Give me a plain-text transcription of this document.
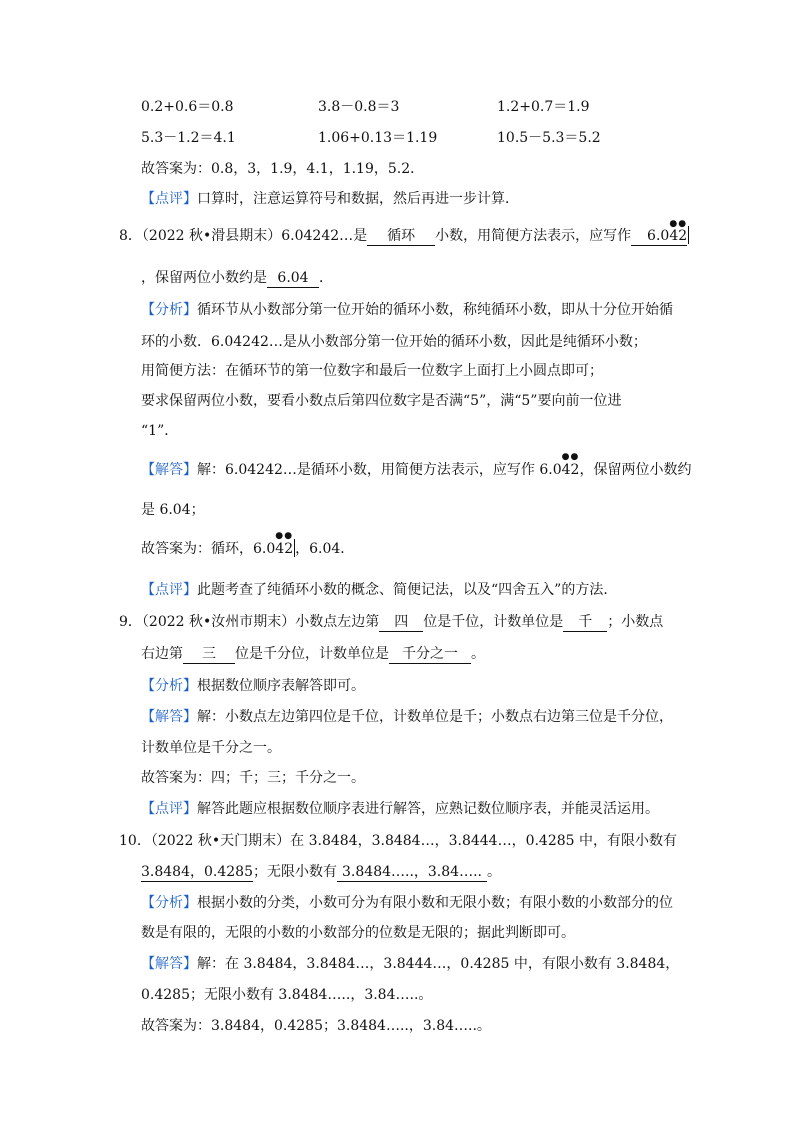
0.2+0.6＝0.8	3.8－0.8＝3	1.2+0.7＝1.9
5.3－1.2＝4.1	1.06+0.13＝1.19	10.5－5.3＝5.2
故答案为：0.8，3，1.9，4.1，1.19，5.2．
【点评】口算时，注意运算符号和数据，然后再进一步计算．
8．（2022 秋•滑县期末）6.04242…是 循环 小数，用简便方法表示，应写作 6.0
●
4
●
2
，保留两位小数约是 6.04 ．
【分析】循环节从小数部分第一位开始的循环小数，称纯循环小数，即从十分位开始循
环的小数．6.04242…是从小数部分第一位开始的循环小数，因此是纯循环小数；
用简便方法：在循环节的第一位数字和最后一位数字上面打上小圆点即可；
要求保留两位小数，要看小数点后第四位数字是否满“5”，满“5”要向前一位进
“1”．
【解答】解：6.04242…是循环小数，用简便方法表示，应写作 6.0
●
4
●
2，保留两位小数约
是 6.04；
故答案为：循环，6.0
●
4
●
2 ，6.04．
【点评】此题考查了纯循环小数的概念、简便记法，以及“四舍五入”的方法．
9．（2022 秋•汝州市期末）小数点左边第 四 位是千位，计数单位是 千 ；小数点
右边第 三 位是千分位，计数单位是 千分之一 。
【分析】根据数位顺序表解答即可。
【解答】解：小数点左边第四位是千位，计数单位是千；小数点右边第三位是千分位，
计数单位是千分之一。
故答案为：四；千；三；千分之一。
【点评】解答此题应根据数位顺序表进行解答，应熟记数位顺序表，并能灵活运用。
10．（2022 秋•天门期末）在 3.8484，3.8484…，3.8444…，0.4285 中，有限小数有
3.8484，0.4285；无限小数有 3.8484…..，3.84….. 。
【分析】根据小数的分类，小数可分为有限小数和无限小数；有限小数的小数部分的位
数是有限的，无限的小数的小数部分的位数是无限的；据此判断即可。
【解答】解：在 3.8484，3.8484…，3.8444…，0.4285 中，有限小数有 3.8484，
0.4285；无限小数有 3.8484…..，3.84…..。
故答案为：3.8484，0.4285；3.8484…..，3.84…..。
